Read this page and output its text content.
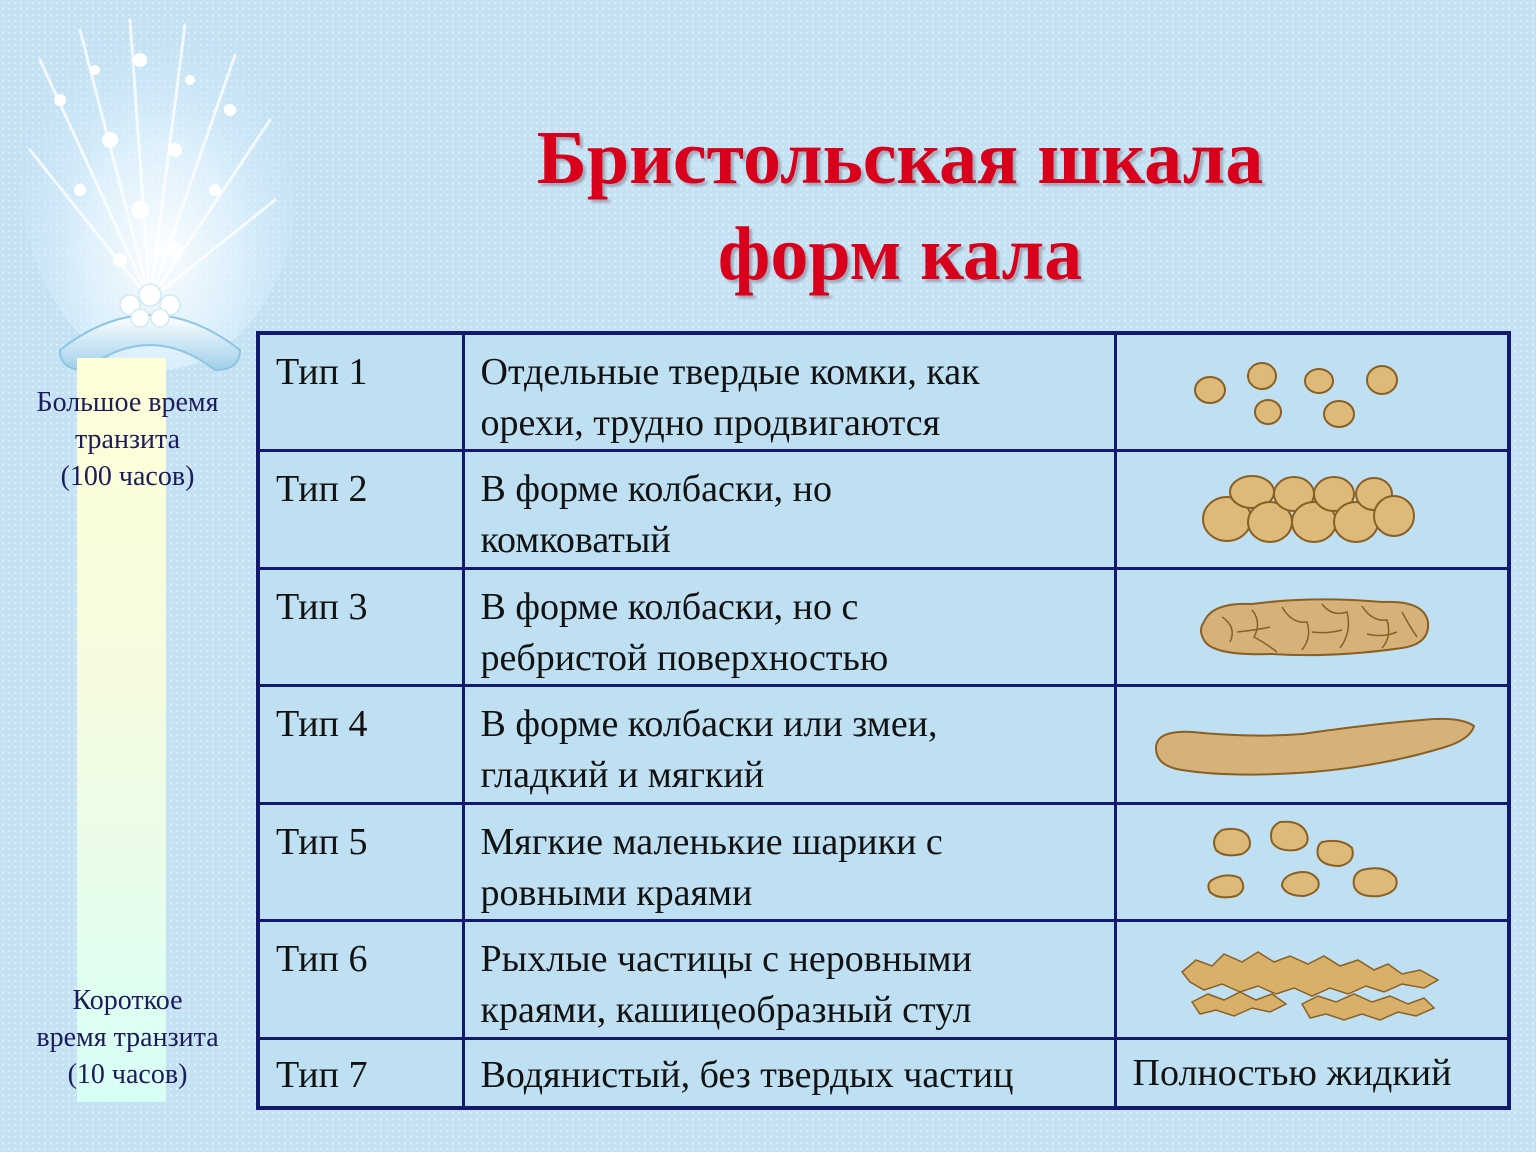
Бристольская шкала
форм кала
Большое время
транзита
(100 часов)
Короткое
время транзита
(10 часов)
Тип 1	Отдельные твердые комки, как
орехи, трудно продвигаются

Тип 2	В форме колбаски, но
комковатый

Тип 3	В форме колбаски, но с
ребристой поверхностью

Тип 4	В форме колбаски или змеи,
гладкий и мягкий

Тип 5	Мягкие маленькие шарики с
ровными краями

Тип 6	Рыхлые частицы с неровными
краями, кашицеобразный стул

Тип 7	Водянистый, без твердых частиц	Полностью жидкий
